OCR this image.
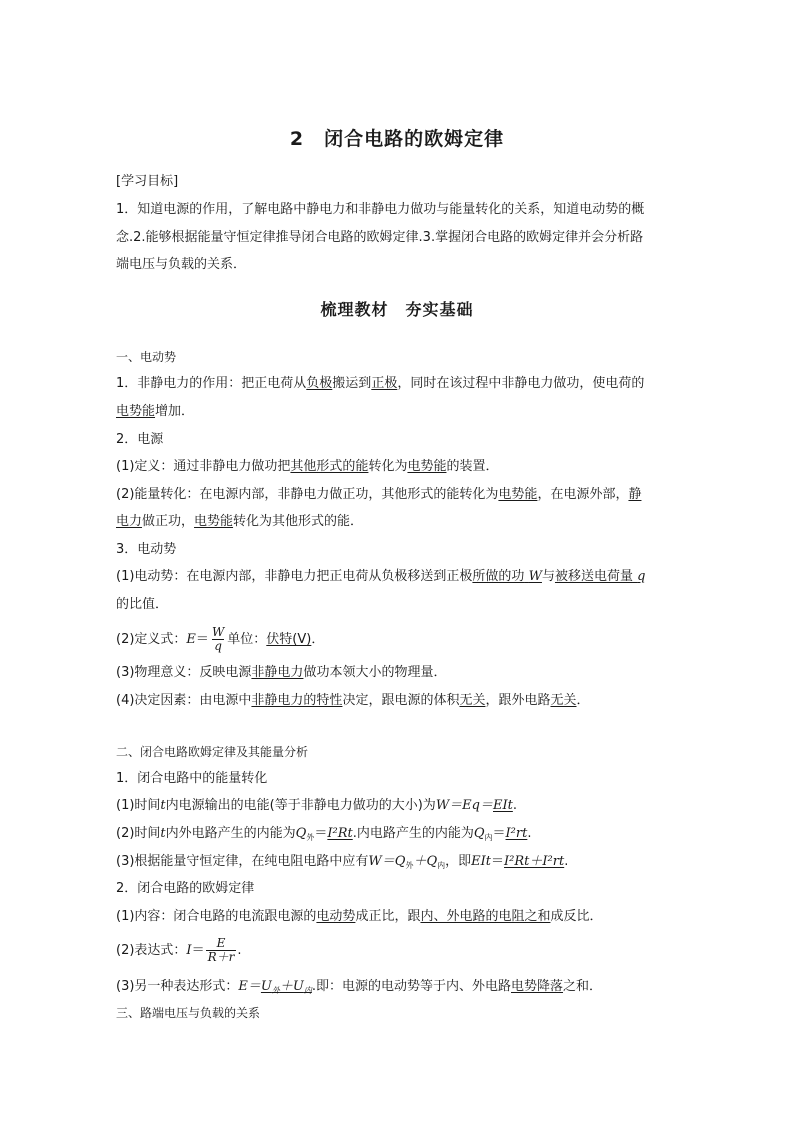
2　闭合电路的欧姆定律
[学习目标]
1．知道电源的作用，了解电路中静电力和非静电力做功与能量转化的关系，知道电动势的概
念.2.能够根据能量守恒定律推导闭合电路的欧姆定律.3.掌握闭合电路的欧姆定律并会分析路
端电压与负载的关系．
梳理教材　夯实基础
一、电动势
1．非静电力的作用：把正电荷从负极搬运到正极，同时在该过程中非静电力做功，使电荷的
电势能增加．
2．电源
(1)定义：通过非静电力做功把其他形式的能转化为电势能的装置．
(2)能量转化：在电源内部，非静电力做正功，其他形式的能转化为电势能，在电源外部，静
电力做正功，电势能转化为其他形式的能．
3．电动势
(1)电动势：在电源内部，非静电力把正电荷从负极移送到正极所做的功 W与被移送电荷量 q
的比值．
(2)定义式：$E= \frac{W}{q}$ 单位：伏特(V)．
(3)物理意义：反映电源非静电力做功本领大小的物理量．
(4)决定因素：由电源中非静电力的特性决定，跟电源的体积无关，跟外电路无关．
二、闭合电路欧姆定律及其能量分析
1．闭合电路中的能量转化
(1)时间t内电源输出的电能(等于非静电力做功的大小)为W＝Eq＝EIt.
(2)时间t内外电路产生的内能为$Q_外=I^2Rt$.内电路产生的内能为$Q_内=I^2rt$.
(3)根据能量守恒定律，在纯电阻电路中应有$W=Q_外+Q_内$，即EIt＝I²Rt＋I²rt.
2．闭合电路的欧姆定律
(1)内容：闭合电路的电流跟电源的电动势成正比，跟内、外电路的电阻之和成反比．
(2)表达式：$I= \frac{E}{R+r}$ .
(3)另一种表达形式：$E=U_外+U_内$.即：电源的电动势等于内、外电路电势降落之和．
三、路端电压与负载的关系
